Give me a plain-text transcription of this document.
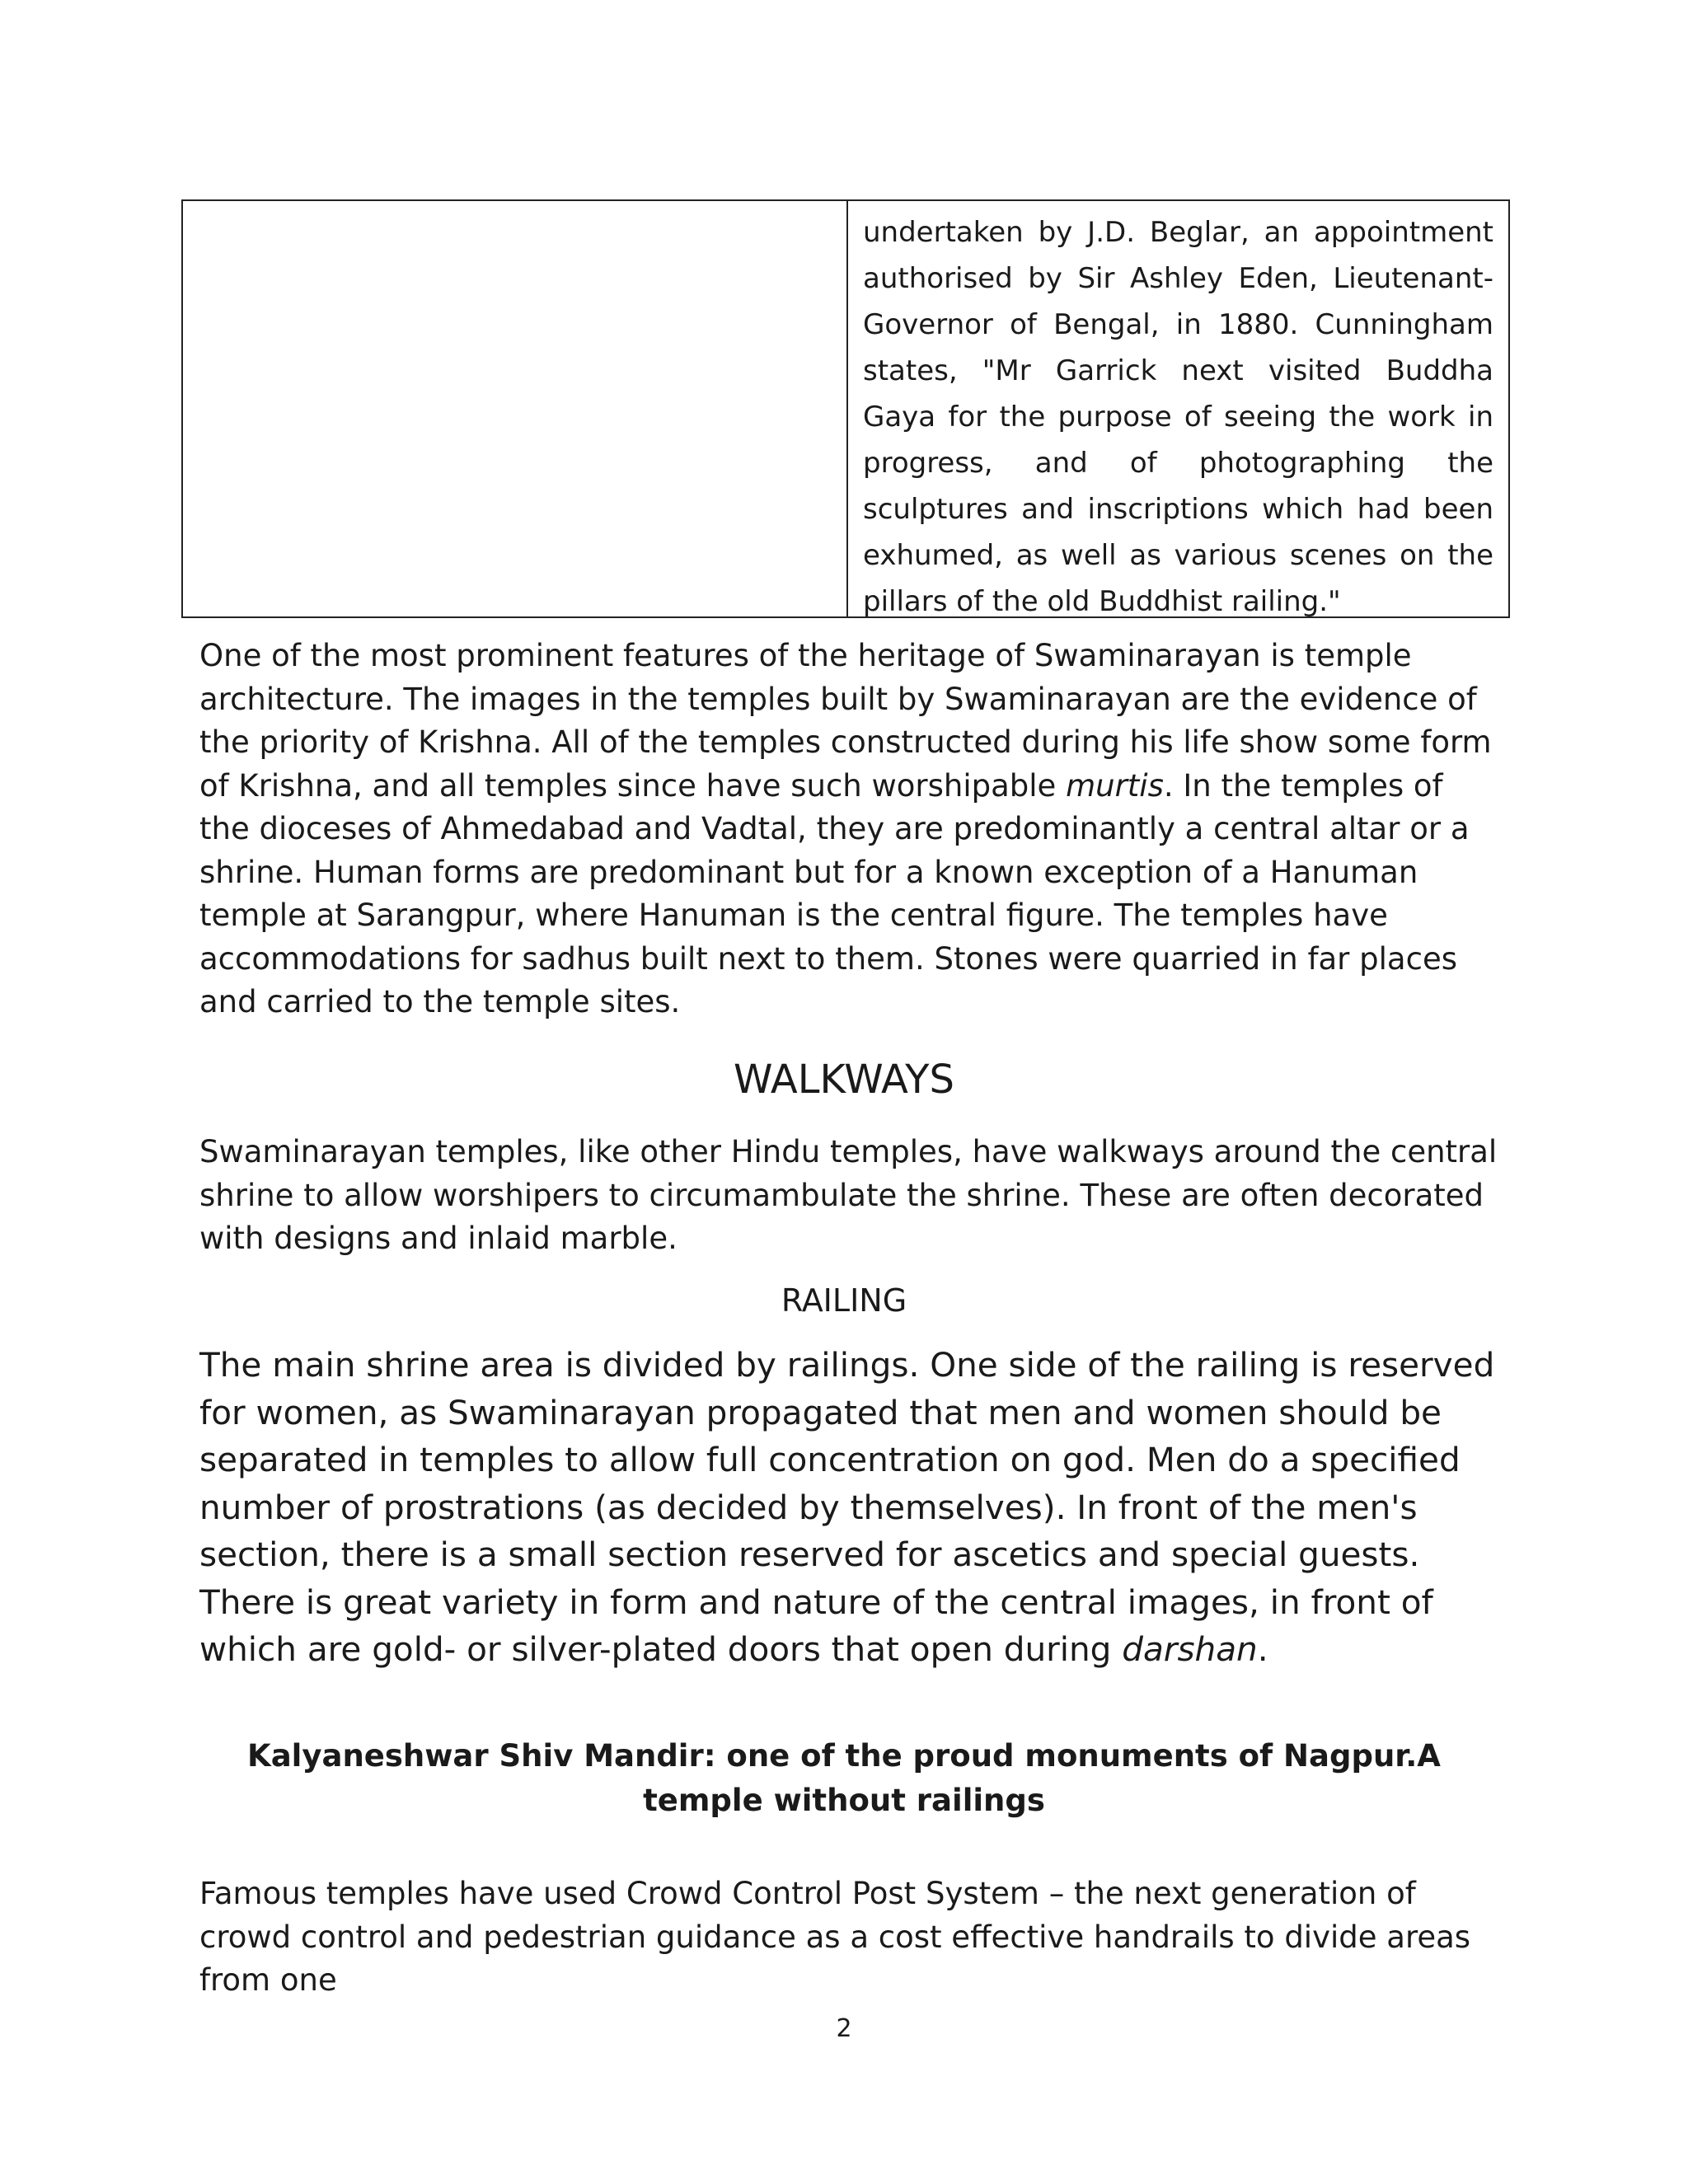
undertaken by J.D. Beglar, an appointment authorised by Sir Ashley Eden, Lieutenant-Governor of Bengal, in 1880. Cunningham states, "Mr Garrick next visited Buddha Gaya for the purpose of seeing the work in progress, and of photographing the sculptures and inscriptions which had been exhumed, as well as various scenes on the pillars of the old Buddhist railing."

One of the most prominent features of the heritage of Swaminarayan is temple architecture. The images in the temples built by Swaminarayan are the evidence of the priority of Krishna. All of the temples constructed during his life show some form of Krishna, and all temples since have such worshipable murtis. In the temples of the dioceses of Ahmedabad and Vadtal, they are predominantly a central altar or a shrine. Human forms are predominant but for a known exception of a Hanuman temple at Sarangpur, where Hanuman is the central figure. The temples have accommodations for sadhus built next to them. Stones were quarried in far places and carried to the temple sites.

WALKWAYS

Swaminarayan temples, like other Hindu temples, have walkways around the central shrine to allow worshipers to circumambulate the shrine. These are often decorated with designs and inlaid marble.

RAILING

The main shrine area is divided by railings. One side of the railing is reserved for women, as Swaminarayan propagated that men and women should be separated in temples to allow full concentration on god. Men do a specified number of prostrations (as decided by themselves). In front of the men's section, there is a small section reserved for ascetics and special guests. There is great variety in form and nature of the central images, in front of which are gold- or silver-plated doors that open during darshan.

Kalyaneshwar Shiv Mandir: one of the proud monuments of Nagpur.A temple without railings

Famous temples have used Crowd Control Post System – the next generation of crowd control and pedestrian guidance as a cost effective handrails to divide areas from one

2
